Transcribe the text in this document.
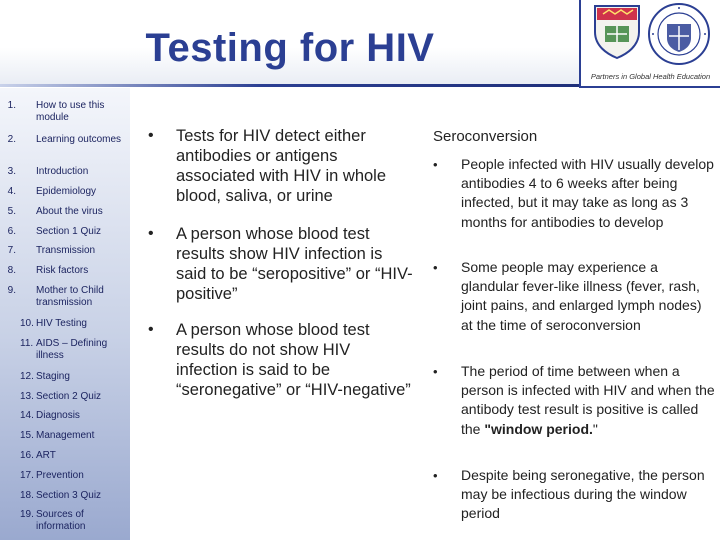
Testing for HIV
Partners in Global Health Education
1.	How to use this module
2.	Learning outcomes
3.	Introduction
4.	Epidemiology
5.	About the virus
6.	Section 1 Quiz
7.	Transmission
8.	Risk factors
9.	Mother to Child transmission
10. HIV Testing
11. AIDS – Defining illness
12. Staging
13. Section 2 Quiz
14. Diagnosis
15. Management
16. ART
17. Prevention
18. Section 3 Quiz
19. Sources of information
•	Tests for HIV detect either antibodies or antigens associated with HIV in whole blood, saliva, or urine
•	A person whose blood test results show HIV infection is said to be “seropositive” or “HIV-positive”
•	A person whose blood test results do not show HIV infection is said to be “seronegative” or “HIV-negative”
Seroconversion
•	People infected with HIV usually develop antibodies 4 to 6 weeks after being infected, but it may take as long as 3 months for antibodies to develop
•	Some people may experience a glandular fever-like illness (fever, rash, joint pains, and enlarged lymph nodes) at the time of seroconversion
•	The period of time between when a person is infected with HIV and when the antibody test result is positive is called the "window period."
•	Despite being seronegative, the person may be infectious during the window period
